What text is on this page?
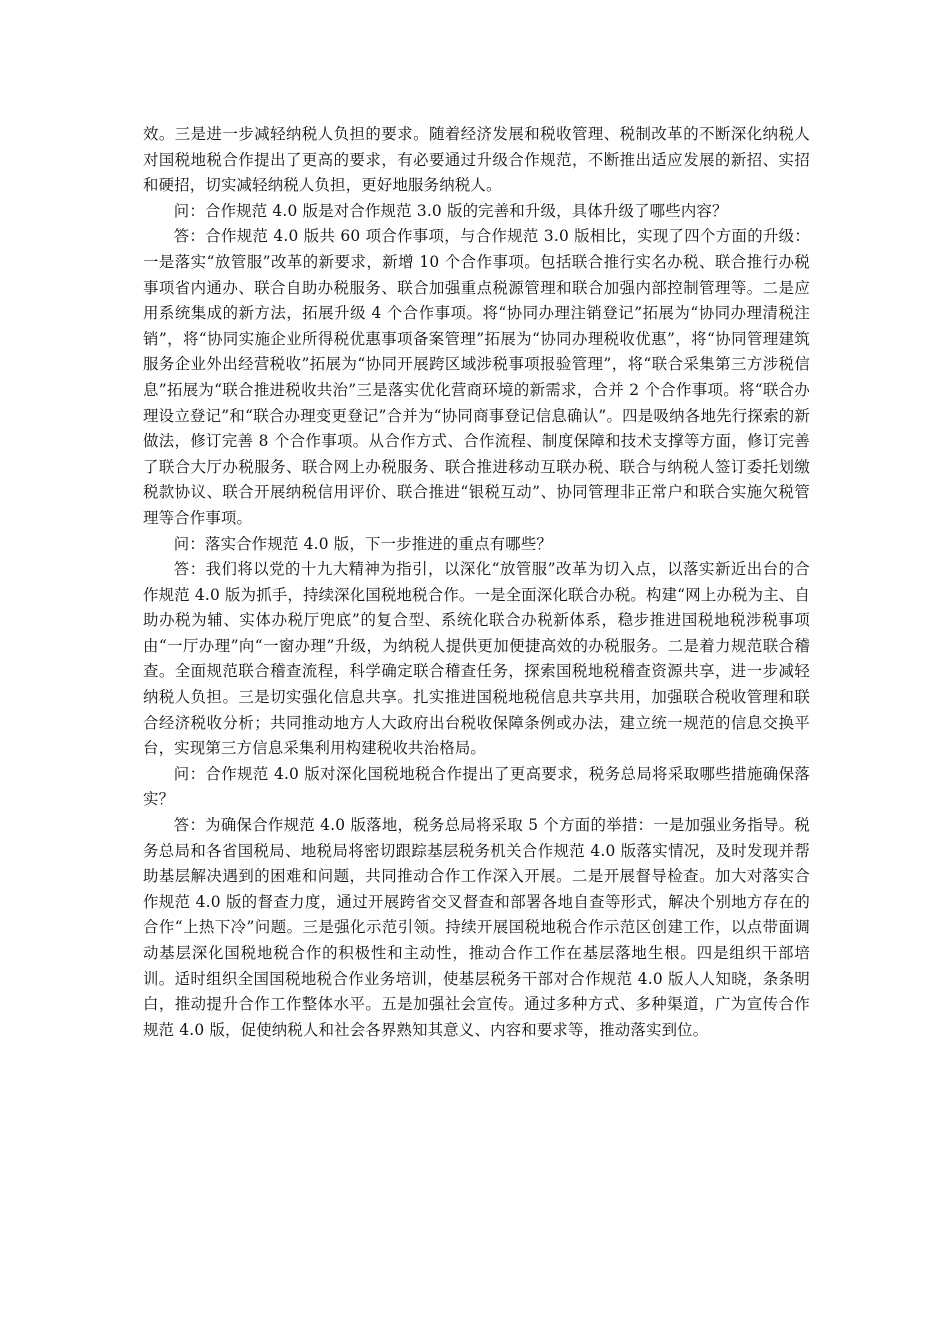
效。三是进一步减轻纳税人负担的要求。随着经济发展和税收管理、税制改革的不断深化纳税人对国税地税合作提出了更高的要求，有必要通过升级合作规范，不断推出适应发展的新招、实招和硬招，切实减轻纳税人负担，更好地服务纳税人。

问：合作规范 4.0 版是对合作规范 3.0 版的完善和升级，具体升级了哪些内容？

答：合作规范 4.0 版共 60 项合作事项，与合作规范 3.0 版相比，实现了四个方面的升级：一是落实“放管服”改革的新要求，新增 10 个合作事项。包括联合推行实名办税、联合推行办税事项省内通办、联合自助办税服务、联合加强重点税源管理和联合加强内部控制管理等。二是应用系统集成的新方法，拓展升级 4 个合作事项。将“协同办理注销登记”拓展为“协同办理清税注销”，将“协同实施企业所得税优惠事项备案管理”拓展为“协同办理税收优惠”，将“协同管理建筑服务企业外出经营税收”拓展为“协同开展跨区域涉税事项报验管理”，将“联合采集第三方涉税信息”拓展为“联合推进税收共治”三是落实优化营商环境的新需求，合并 2 个合作事项。将“联合办理设立登记”和“联合办理变更登记”合并为“协同商事登记信息确认”。四是吸纳各地先行探索的新做法，修订完善 8 个合作事项。从合作方式、合作流程、制度保障和技术支撑等方面，修订完善了联合大厅办税服务、联合网上办税服务、联合推进移动互联办税、联合与纳税人签订委托划缴税款协议、联合开展纳税信用评价、联合推进“银税互动”、协同管理非正常户和联合实施欠税管理等合作事项。

问：落实合作规范 4.0 版，下一步推进的重点有哪些？

答：我们将以党的十九大精神为指引，以深化“放管服”改革为切入点，以落实新近出台的合作规范 4.0 版为抓手，持续深化国税地税合作。一是全面深化联合办税。构建“网上办税为主、自助办税为辅、实体办税厅兜底”的复合型、系统化联合办税新体系，稳步推进国税地税涉税事项由“一厅办理”向“一窗办理”升级，为纳税人提供更加便捷高效的办税服务。二是着力规范联合稽查。全面规范联合稽查流程，科学确定联合稽查任务，探索国税地税稽查资源共享，进一步减轻纳税人负担。三是切实强化信息共享。扎实推进国税地税信息共享共用，加强联合税收管理和联合经济税收分析；共同推动地方人大政府出台税收保障条例或办法，建立统一规范的信息交换平台，实现第三方信息采集利用构建税收共治格局。

问：合作规范 4.0 版对深化国税地税合作提出了更高要求，税务总局将采取哪些措施确保落实？

答：为确保合作规范 4.0 版落地，税务总局将采取 5 个方面的举措：一是加强业务指导。税务总局和各省国税局、地税局将密切跟踪基层税务机关合作规范 4.0 版落实情况，及时发现并帮助基层解决遇到的困难和问题，共同推动合作工作深入开展。二是开展督导检查。加大对落实合作规范 4.0 版的督查力度，通过开展跨省交叉督查和部署各地自查等形式，解决个别地方存在的合作“上热下冷”问题。三是强化示范引领。持续开展国税地税合作示范区创建工作，以点带面调动基层深化国税地税合作的积极性和主动性，推动合作工作在基层落地生根。四是组织干部培训。适时组织全国国税地税合作业务培训，使基层税务干部对合作规范 4.0 版人人知晓，条条明白，推动提升合作工作整体水平。五是加强社会宣传。通过多种方式、多种渠道，广为宣传合作规范 4.0 版，促使纳税人和社会各界熟知其意义、内容和要求等，推动落实到位。
